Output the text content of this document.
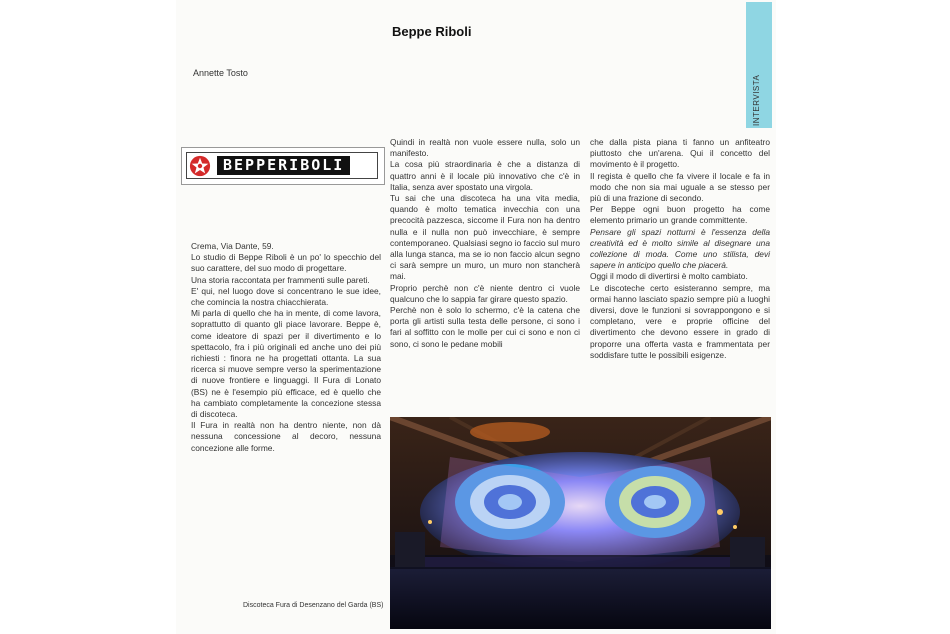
Beppe Riboli
Annette Tosto
INTERVISTA
BEPPERIBOLI

Crema, Via Dante, 59.

Lo studio di Beppe Riboli è un po' lo specchio del suo carattere, del suo modo di progettare.

Una storia raccontata per frammenti sulle pareti.

E' qui, nel luogo dove si concentrano le sue idee, che comincia la nostra chiacchierata.

Mi parla di quello che ha in mente, di come lavora, soprattutto di quanto gli piace lavorare. Beppe è, come ideatore di spazi per il divertimento e lo spettacolo, fra i più originali ed anche uno dei più richiesti : finora ne ha progettati ottanta. La sua ricerca si muove sempre verso la sperimentazione di nuove frontiere e linguaggi. Il Fura di Lonato (BS) ne è l'esempio più efficace, ed è quello che ha cambiato completamente la concezione stessa di discoteca.

Il Fura in realtà non ha dentro niente, non dà nessuna concessione al decoro, nessuna concezione alle forme.

Quindi in realtà non vuole essere nulla, solo un manifesto.

La cosa più straordinaria è che a distanza di quattro anni è il locale più innovativo che c'è in Italia, senza aver spostato una virgola.

Tu sai che una discoteca ha una vita media, quando è molto tematica invecchia con una precocità pazzesca, siccome il Fura non ha dentro nulla e il nulla non può invecchiare, è sempre contemporaneo. Qualsiasi segno io faccio sul muro alla lunga stanca, ma se io non faccio alcun segno ci sarà sempre un muro, un muro non stancherà mai.

Proprio perchè non c'è niente dentro ci vuole qualcuno che lo sappia far girare questo spazio.

Perchè non è solo lo schermo, c'è la catena che porta gli artisti sulla testa delle persone, ci sono i fari al soffitto con le molle per cui ci sono e non ci sono, ci sono le pedane mobili

che dalla pista piana ti fanno un anfiteatro piuttosto che un'arena. Qui il concetto del movimento è il progetto.

Il regista è quello che fa vivere il locale e fa in modo che non sia mai uguale a se stesso per più di una frazione di secondo.

Per Beppe ogni buon progetto ha come elemento primario un grande committente.

Pensare gli spazi notturni è l'essenza della creatività ed è molto simile al disegnare una collezione di moda. Come uno stilista, devi sapere in anticipo quello che piacerà.

Oggi il modo di divertirsi è molto cambiato.

Le discoteche certo esisteranno sempre, ma ormai hanno lasciato spazio sempre più a luoghi diversi, dove le funzioni si sovrappongono e si completano, vere e proprie officine del divertimento che devono essere in grado di proporre una offerta vasta e frammentata per soddisfare tutte le possibili esigenze.

Discoteca Fura di Desenzano del Garda (BS)
